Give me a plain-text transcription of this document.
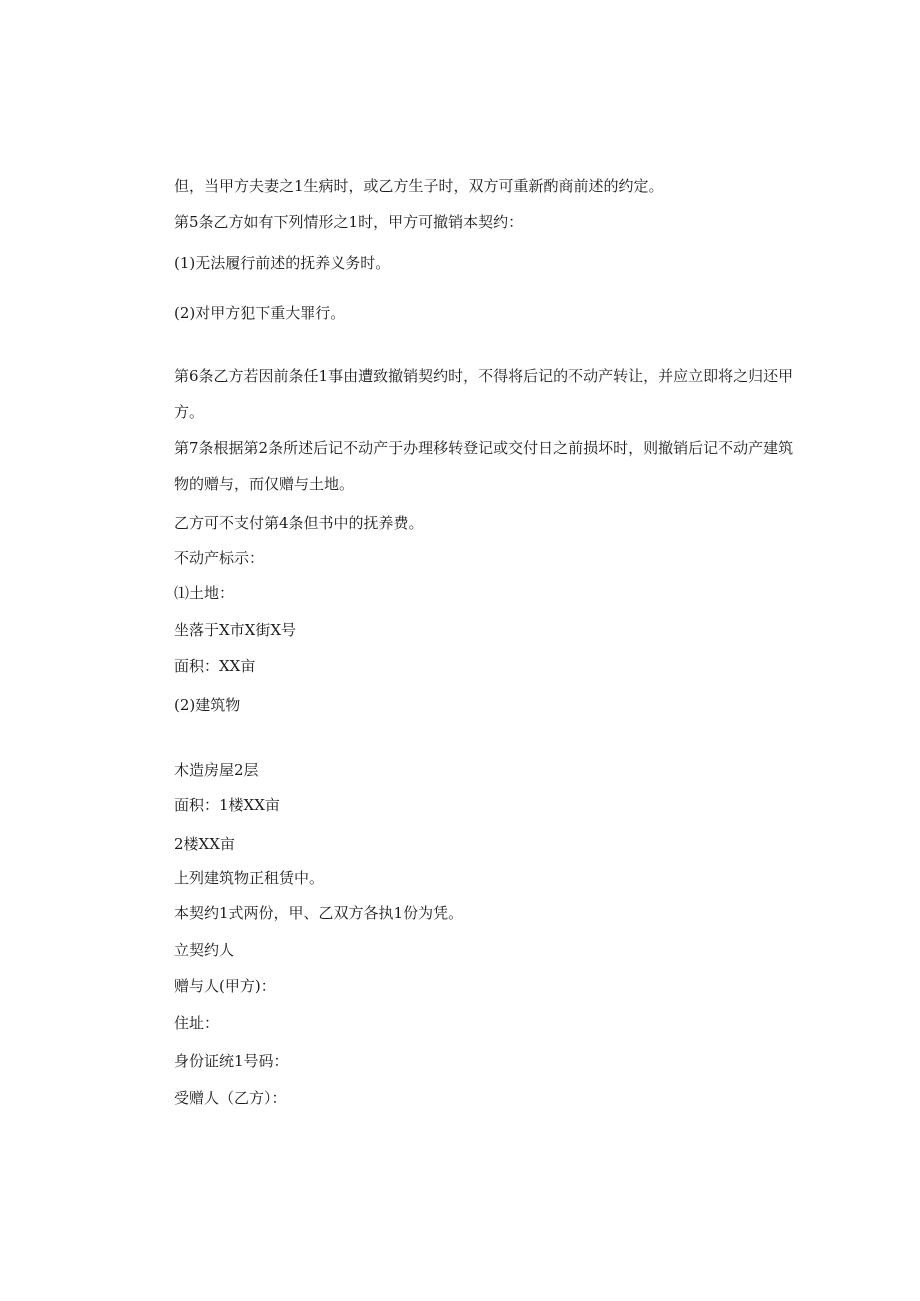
但，当甲方夫妻之1生病时，或乙方生子时，双方可重新酌商前述的约定。
第5条乙方如有下列情形之1时，甲方可撤销本契约：
(1)无法履行前述的抚养义务时。
(2)对甲方犯下重大罪行。
第6条乙方若因前条任1事由遭致撤销契约时，不得将后记的不动产转让，并应立即将之归还甲方。
第7条根据第2条所述后记不动产于办理移转登记或交付日之前损坏时，则撤销后记不动产建筑物的赠与，而仅赠与土地。
乙方可不支付第4条但书中的抚养费。
不动产标示：
⑴土地：
坐落于X市X街X号
面积：XX亩
(2)建筑物
木造房屋2层
面积：1楼XX亩
2楼XX亩
上列建筑物正租赁中。
本契约1式两份，甲、乙双方各执1份为凭。
立契约人
赠与人(甲方)：
住址：
身份证统1号码：
受赠人（乙方）：
